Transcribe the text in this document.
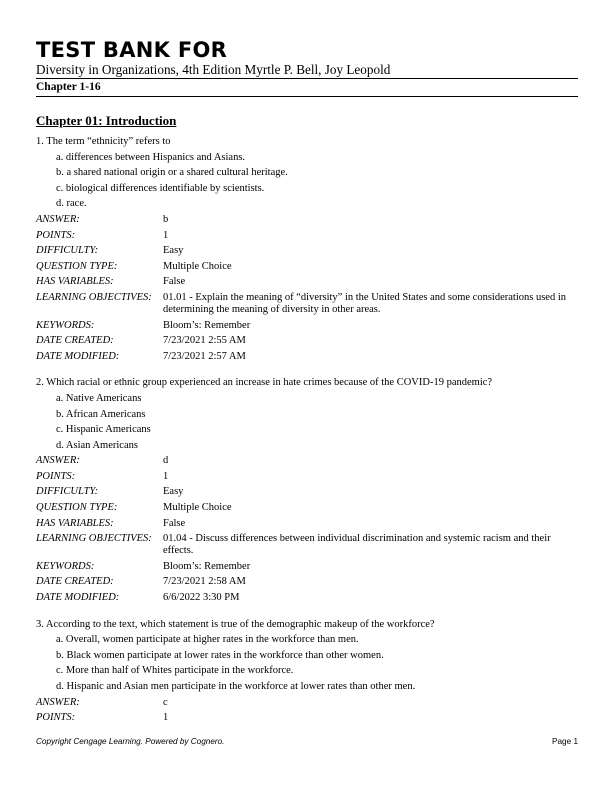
TEST BANK FOR
Diversity in Organizations, 4th Edition Myrtle P. Bell, Joy Leopold
Chapter 1-16
Chapter 01: Introduction
1. The term “ethnicity” refers to
a. differences between Hispanics and Asians.
b. a shared national origin or a shared cultural heritage.
c. biological differences identifiable by scientists.
d. race.
ANSWER:	b
POINTS:	1
DIFFICULTY:	Easy
QUESTION TYPE:	Multiple Choice
HAS VARIABLES:	False
LEARNING OBJECTIVES:	01.01 - Explain the meaning of “diversity” in the United States and some considerations used in determining the meaning of diversity in other areas.
KEYWORDS:	Bloom’s: Remember
DATE CREATED:	7/23/2021 2:55 AM
DATE MODIFIED:	7/23/2021 2:57 AM
2. Which racial or ethnic group experienced an increase in hate crimes because of the COVID-19 pandemic?
a. Native Americans
b. African Americans
c. Hispanic Americans
d. Asian Americans
ANSWER:	d
POINTS:	1
DIFFICULTY:	Easy
QUESTION TYPE:	Multiple Choice
HAS VARIABLES:	False
LEARNING OBJECTIVES:	01.04 - Discuss differences between individual discrimination and systemic racism and their effects.
KEYWORDS:	Bloom’s: Remember
DATE CREATED:	7/23/2021 2:58 AM
DATE MODIFIED:	6/6/2022 3:30 PM
3. According to the text, which statement is true of the demographic makeup of the workforce?
a. Overall, women participate at higher rates in the workforce than men.
b. Black women participate at lower rates in the workforce than other women.
c. More than half of Whites participate in the workforce.
d. Hispanic and Asian men participate in the workforce at lower rates than other men.
ANSWER:	c
POINTS:	1
Copyright Cengage Learning. Powered by Cognero.	Page 1
